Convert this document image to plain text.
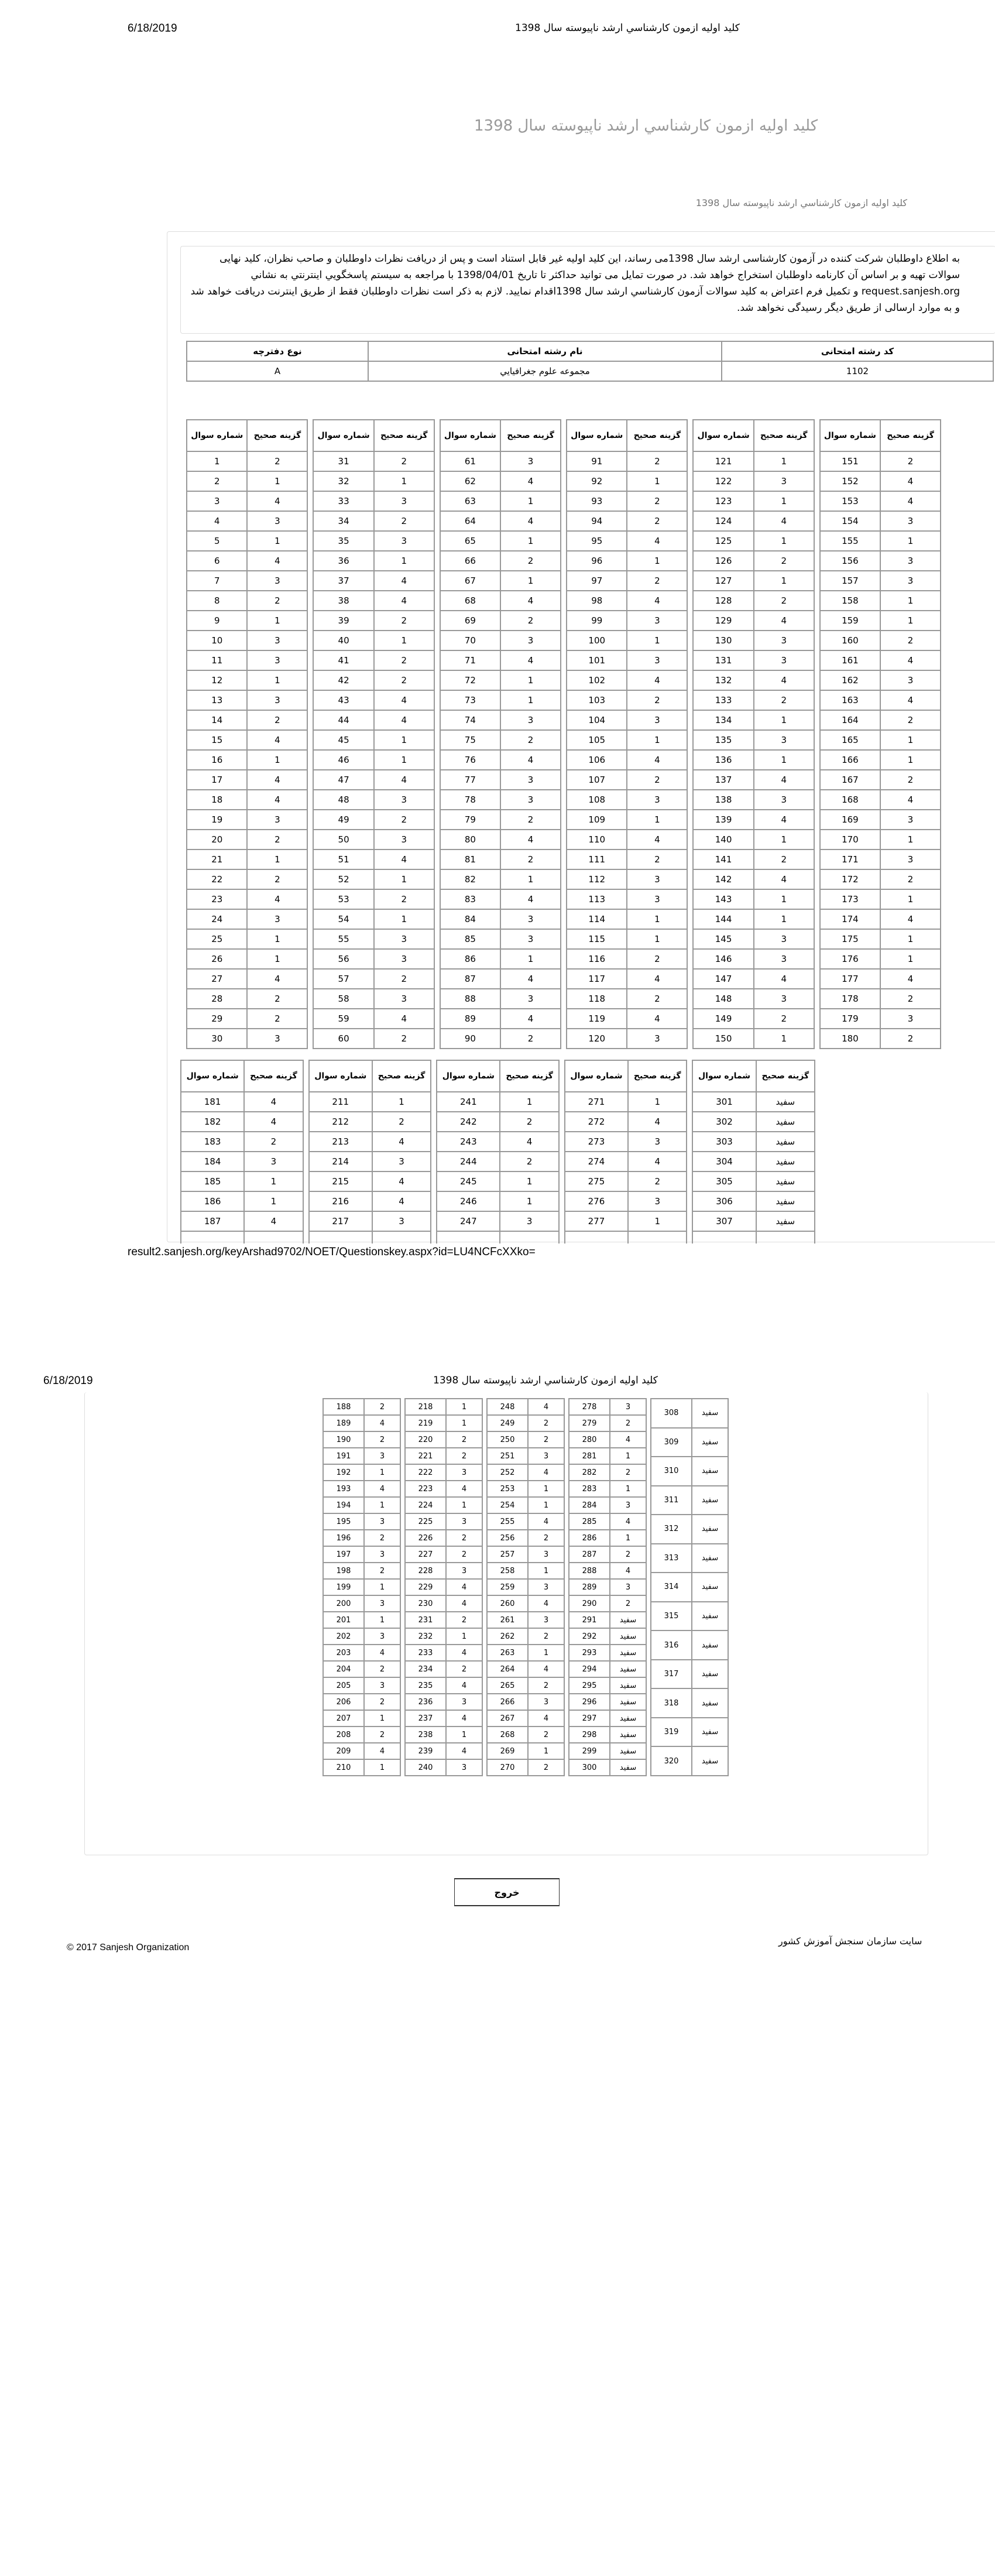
6/18/2019	کلید اولیه ازمون کارشناسي ارشد ناپیوسته سال 1398
کلید اولیه ازمون کارشناسي ارشد ناپیوسته سال 1398
کلید اولیه ازمون کارشناسي ارشد ناپیوسته سال 1398
به اطلاع داوطلبان شرکت کننده در آزمون کارشناسی ارشد سال 1398می رساند، این کلید اولیه غیر قابل استناد است و پس از دریافت نظرات داوطلبان و صاحب نظران، کلید نهایی سوالات تهیه و بر اساس آن کارنامه داوطلبان استخراج خواهد شد. در صورت تمایل می توانید حداکثر تا تاریخ 1398/04/01 با مراجعه به سیستم پاسخگویي اینترنتي به نشاني request.sanjesh.org و تکمیل فرم اعتراض به کلید سوالات آزمون کارشناسي ارشد سال 1398اقدام نمایید. لازم به ذکر است نظرات داوطلبان فقط از طریق اینترنت دریافت خواهد شد و به موارد ارسالی از طریق دیگر رسیدگی نخواهد شد.
کد رشته امتحانی	نام رشته امتحانی	نوع دفترچه
1102	مجموعه علوم جغرافیایي	A
شماره سوال	گزینه صحیح
151	2
152	4
153	4
154	3
155	1
156	3
157	3
158	1
159	1
160	2
161	4
162	3
163	4
164	2
165	1
166	1
167	2
168	4
169	3
170	1
171	3
172	2
173	1
174	4
175	1
176	1
177	4
178	2
179	3
180	2
شماره سوال	گزینه صحیح
121	1
122	3
123	1
124	4
125	1
126	2
127	1
128	2
129	4
130	3
131	3
132	4
133	2
134	1
135	3
136	1
137	4
138	3
139	4
140	1
141	2
142	4
143	1
144	1
145	3
146	3
147	4
148	3
149	2
150	1
شماره سوال	گزینه صحیح
91	2
92	1
93	2
94	2
95	4
96	1
97	2
98	4
99	3
100	1
101	3
102	4
103	2
104	3
105	1
106	4
107	2
108	3
109	1
110	4
111	2
112	3
113	3
114	1
115	1
116	2
117	4
118	2
119	4
120	3
شماره سوال	گزینه صحیح
61	3
62	4
63	1
64	4
65	1
66	2
67	1
68	4
69	2
70	3
71	4
72	1
73	1
74	3
75	2
76	4
77	3
78	3
79	2
80	4
81	2
82	1
83	4
84	3
85	3
86	1
87	4
88	3
89	4
90	2
شماره سوال	گزینه صحیح
31	2
32	1
33	3
34	2
35	3
36	1
37	4
38	4
39	2
40	1
41	2
42	2
43	4
44	4
45	1
46	1
47	4
48	3
49	2
50	3
51	4
52	1
53	2
54	1
55	3
56	3
57	2
58	3
59	4
60	2
شماره سوال	گزینه صحیح
1	2
2	1
3	4
4	3
5	1
6	4
7	3
8	2
9	1
10	3
11	3
12	1
13	3
14	2
15	4
16	1
17	4
18	4
19	3
20	2
21	1
22	2
23	4
24	3
25	1
26	1
27	4
28	2
29	2
30	3
شماره سوال	گزینه صحیح
301	سفید
302	سفید
303	سفید
304	سفید
305	سفید
306	سفید
307	سفید

شماره سوال	گزینه صحیح
271	1
272	4
273	3
274	4
275	2
276	3
277	1

شماره سوال	گزینه صحیح
241	1
242	2
243	4
244	2
245	1
246	1
247	3

شماره سوال	گزینه صحیح
211	1
212	2
213	4
214	3
215	4
216	4
217	3

شماره سوال	گزینه صحیح
181	4
182	4
183	2
184	3
185	1
186	1
187	4

result2.sanjesh.org/keyArshad9702/NOET/Questionskey.aspx?id=LU4NCFcXXko=
6/18/2019	کلید اولیه ازمون کارشناسي ارشد ناپیوسته سال 1398
308	سفید
309	سفید
310	سفید
311	سفید
312	سفید
313	سفید
314	سفید
315	سفید
316	سفید
317	سفید
318	سفید
319	سفید
320	سفید
278	3
279	2
280	4
281	1
282	2
283	1
284	3
285	4
286	1
287	2
288	4
289	3
290	2
291	سفید
292	سفید
293	سفید
294	سفید
295	سفید
296	سفید
297	سفید
298	سفید
299	سفید
300	سفید
248	4
249	2
250	2
251	3
252	4
253	1
254	1
255	4
256	2
257	3
258	1
259	3
260	4
261	3
262	2
263	1
264	4
265	2
266	3
267	4
268	2
269	1
270	2
218	1
219	1
220	2
221	2
222	3
223	4
224	1
225	3
226	2
227	2
228	3
229	4
230	4
231	2
232	1
233	4
234	2
235	4
236	3
237	4
238	1
239	4
240	3
188	2
189	4
190	2
191	3
192	1
193	4
194	1
195	3
196	2
197	3
198	2
199	1
200	3
201	1
202	3
203	4
204	2
205	3
206	2
207	1
208	2
209	4
210	1
خروج
© 2017 Sanjesh Organization
سایت سازمان سنجش آموزش کشور
